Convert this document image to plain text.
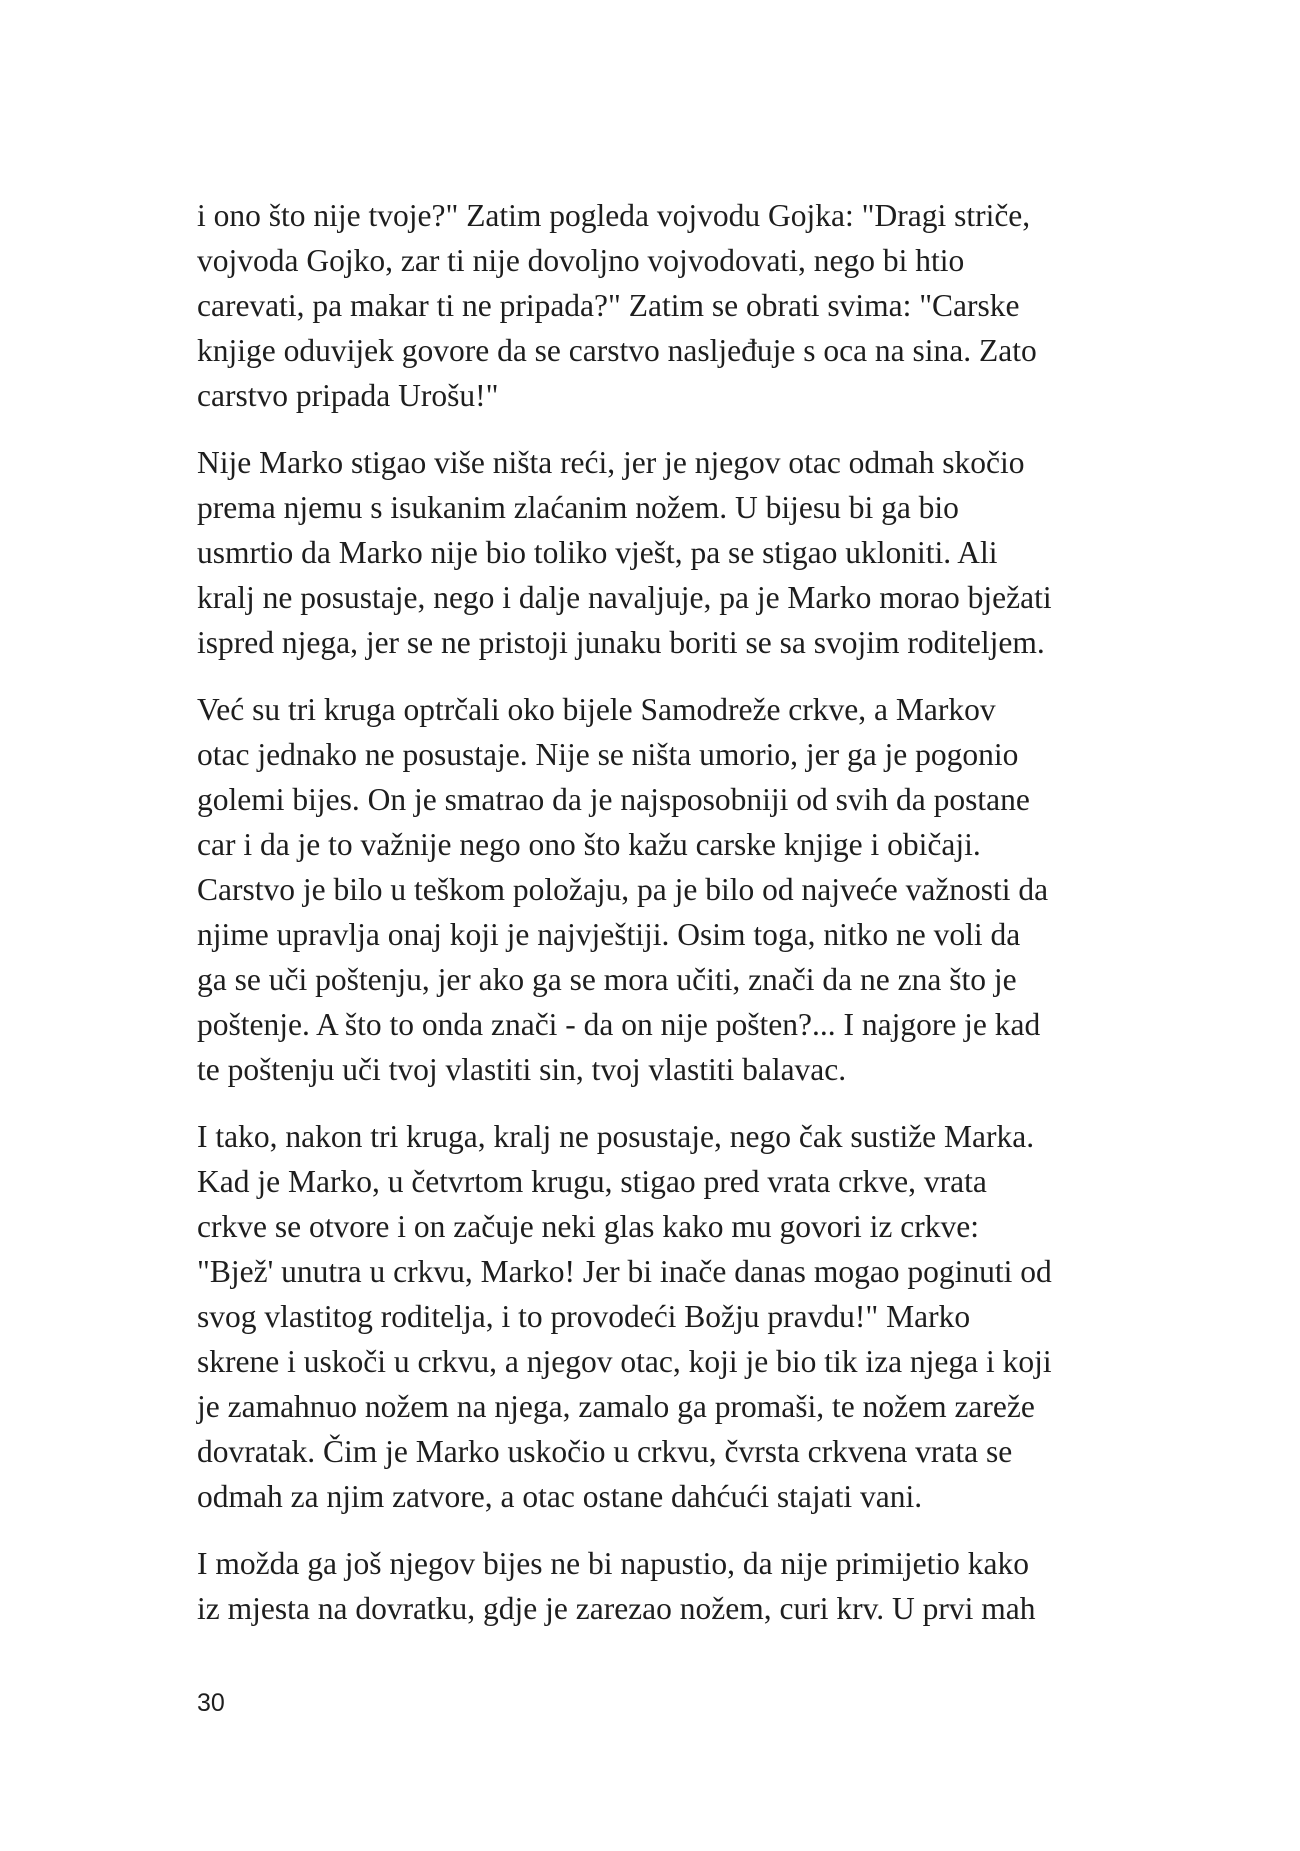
i ono što nije tvoje?" Zatim pogleda vojvodu Gojka: "Dragi striče,
vojvoda Gojko, zar ti nije dovoljno vojvodovati, nego bi htio
carevati, pa makar ti ne pripada?" Zatim se obrati svima: "Carske
knjige oduvijek govore da se carstvo nasljeđuje s oca na sina. Zato
carstvo pripada Urošu!"

Nije Marko stigao više ništa reći, jer je njegov otac odmah skočio
prema njemu s isukanim zlaćanim nožem. U bijesu bi ga bio
usmrtio da Marko nije bio toliko vješt, pa se stigao ukloniti. Ali
kralj ne posustaje, nego i dalje navaljuje, pa je Marko morao bježati
ispred njega, jer se ne pristoji junaku boriti se sa svojim roditeljem.

Već su tri kruga optrčali oko bijele Samodreže crkve, a Markov
otac jednako ne posustaje. Nije se ništa umorio, jer ga je pogonio
golemi bijes. On je smatrao da je najsposobniji od svih da postane
car i da je to važnije nego ono što kažu carske knjige i običaji.
Carstvo je bilo u teškom položaju, pa je bilo od najveće važnosti da
njime upravlja onaj koji je najvještiji. Osim toga, nitko ne voli da
ga se uči poštenju, jer ako ga se mora učiti, znači da ne zna što je
poštenje. A što to onda znači - da on nije pošten?... I najgore je kad
te poštenju uči tvoj vlastiti sin, tvoj vlastiti balavac.

I tako, nakon tri kruga, kralj ne posustaje, nego čak sustiže Marka.
Kad je Marko, u četvrtom krugu, stigao pred vrata crkve, vrata
crkve se otvore i on začuje neki glas kako mu govori iz crkve:
"Bjež' unutra u crkvu, Marko! Jer bi inače danas mogao poginuti od
svog vlastitog roditelja, i to provodeći Božju pravdu!" Marko
skrene i uskoči u crkvu, a njegov otac, koji je bio tik iza njega i koji
je zamahnuo nožem na njega, zamalo ga promaši, te nožem zareže
dovratak. Čim je Marko uskočio u crkvu, čvrsta crkvena vrata se
odmah za njim zatvore, a otac ostane dahćući stajati vani.

I možda ga još njegov bijes ne bi napustio, da nije primijetio kako
iz mjesta na dovratku, gdje je zarezao nožem, curi krv. U prvi mah

30
